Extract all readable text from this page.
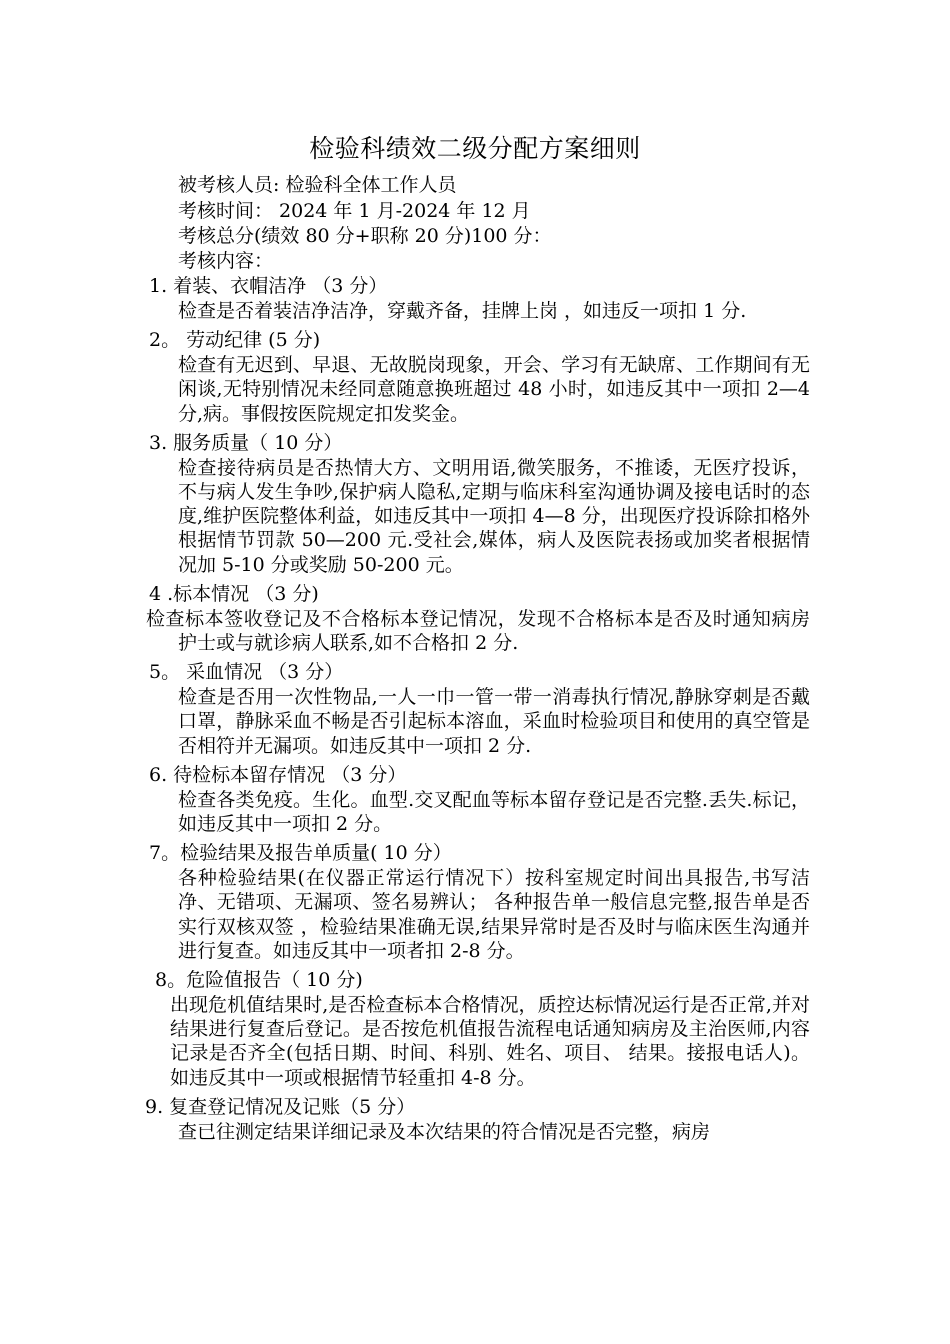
检验科绩效二级分配方案细则
被考核人员: 检验科全体工作人员
考核时间： 2024 年 1 月-2024 年 12 月
考核总分(绩效 80 分+职称 20 分)100 分：
考核内容：
1. 着装、衣帽洁净 （3 分）
检查是否着装洁净洁净，穿戴齐备，挂牌上岗 ，如违反一项扣 1 分.
2。 劳动纪律 (5 分)
检查有无迟到、早退、无故脱岗现象，开会、学习有无缺席、工作期间有无闲谈,无特别情况未经同意随意换班超过 48 小时，如违反其中一项扣 2—4 分,病。事假按医院规定扣发奖金。
3. 服务质量（ 10 分）
检查接待病员是否热情大方、文明用语,微笑服务，不推诿，无医疗投诉，不与病人发生争吵,保护病人隐私,定期与临床科室沟通协调及接电话时的态度,维护医院整体利益，如违反其中一项扣 4—8 分，出现医疗投诉除扣格外根据情节罚款 50—200 元.受社会,媒体，病人及医院表扬或加奖者根据情况加 5-10 分或奖励 50-200 元。
4 .标本情况 （3 分)
检查标本签收登记及不合格标本登记情况，发现不合格标本是否及时通知病房护士或与就诊病人联系,如不合格扣 2 分.
5。 采血情况 （3 分）
检查是否用一次性物品,一人一巾一管一带一消毒执行情况,静脉穿刺是否戴口罩，静脉采血不畅是否引起标本溶血，采血时检验项目和使用的真空管是否相符并无漏项。如违反其中一项扣 2 分.
6. 待检标本留存情况 （3 分）
检查各类免疫。生化。血型.交叉配血等标本留存登记是否完整.丢失.标记，如违反其中一项扣 2 分。
7。检验结果及报告单质量( 10 分）
各种检验结果(在仪器正常运行情况下）按科室规定时间出具报告,书写洁净、无错项、无漏项、签名易辨认； 各种报告单一般信息完整,报告单是否实行双核双签 ，检验结果准确无误,结果异常时是否及时与临床医生沟通并进行复查。如违反其中一项者扣 2-8 分。
8。危险值报告（ 10 分)
出现危机值结果时,是否检查标本合格情况，质控达标情况运行是否正常,并对结果进行复查后登记。是否按危机值报告流程电话通知病房及主治医师,内容记录是否齐全(包括日期、时间、科别、姓名、项目、 结果。接报电话人)。如违反其中一项或根据情节轻重扣 4-8 分。
9. 复查登记情况及记账（5 分）
查已往测定结果详细记录及本次结果的符合情况是否完整，病房
